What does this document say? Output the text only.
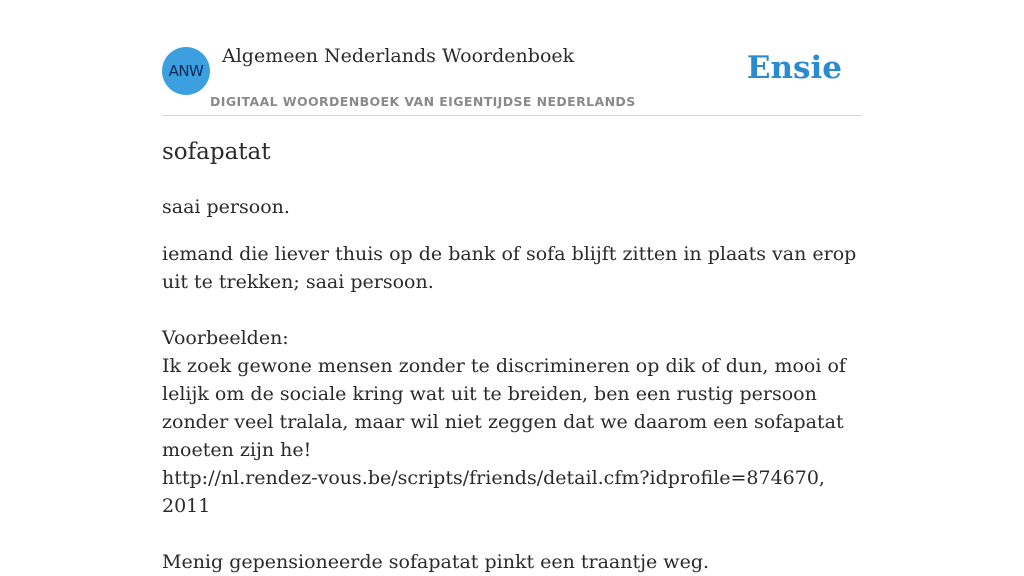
ANW
Algemeen Nederlands Woordenboek
DIGITAAL WOORDENBOEK VAN EIGENTIJDSE NEDERLANDS
Ensie
sofapatat

saai persoon.

iemand die liever thuis op de bank of sofa blijft zitten in plaats van erop uit te trekken; saai persoon.
Voorbeelden:
Ik zoek gewone mensen zonder te discrimineren op dik of dun, mooi of lelijk om de sociale kring wat uit te breiden, ben een rustig persoon zonder veel tralala, maar wil niet zeggen dat we daarom een sofapatat moeten zijn he!
http://nl.rendez-vous.be/scripts/friends/detail.cfm?idprofile=874670, 2011
Menig gepensioneerde sofapatat pinkt een traantje weg.
